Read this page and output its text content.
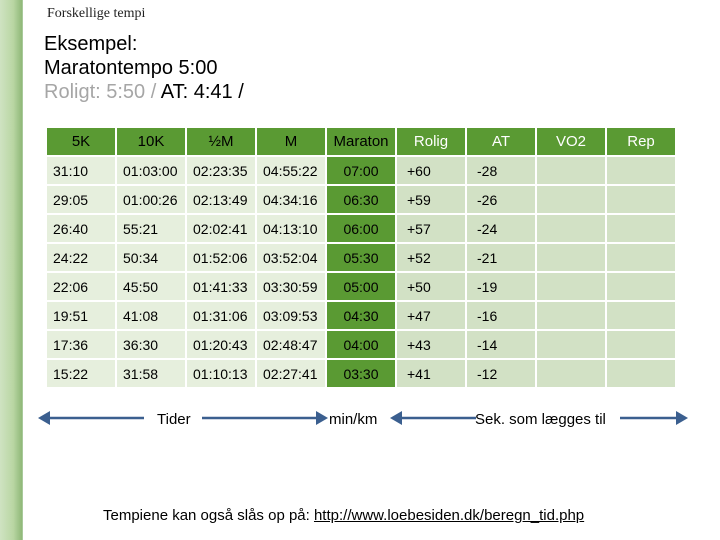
Forskellige tempi
Eksempel:
Maratontempo 5:00
Roligt: 5:50 / AT: 4:41 /
5K	10K	½M	M	Maraton	Rolig	AT	VO2	Rep
31:10	01:03:00	02:23:35	04:55:22	07:00	+60	-28		
29:05	01:00:26	02:13:49	04:34:16	06:30	+59	-26		
26:40	55:21	02:02:41	04:13:10	06:00	+57	-24		
24:22	50:34	01:52:06	03:52:04	05:30	+52	-21		
22:06	45:50	01:41:33	03:30:59	05:00	+50	-19		
19:51	41:08	01:31:06	03:09:53	04:30	+47	-16		
17:36	36:30	01:20:43	02:48:47	04:00	+43	-14		
15:22	31:58	01:10:13	02:27:41	03:30	+41	-12		
Tider	min/km	Sek. som lægges til
Tempiene kan også slås op på: http://www.loebesiden.dk/beregn_tid.php
